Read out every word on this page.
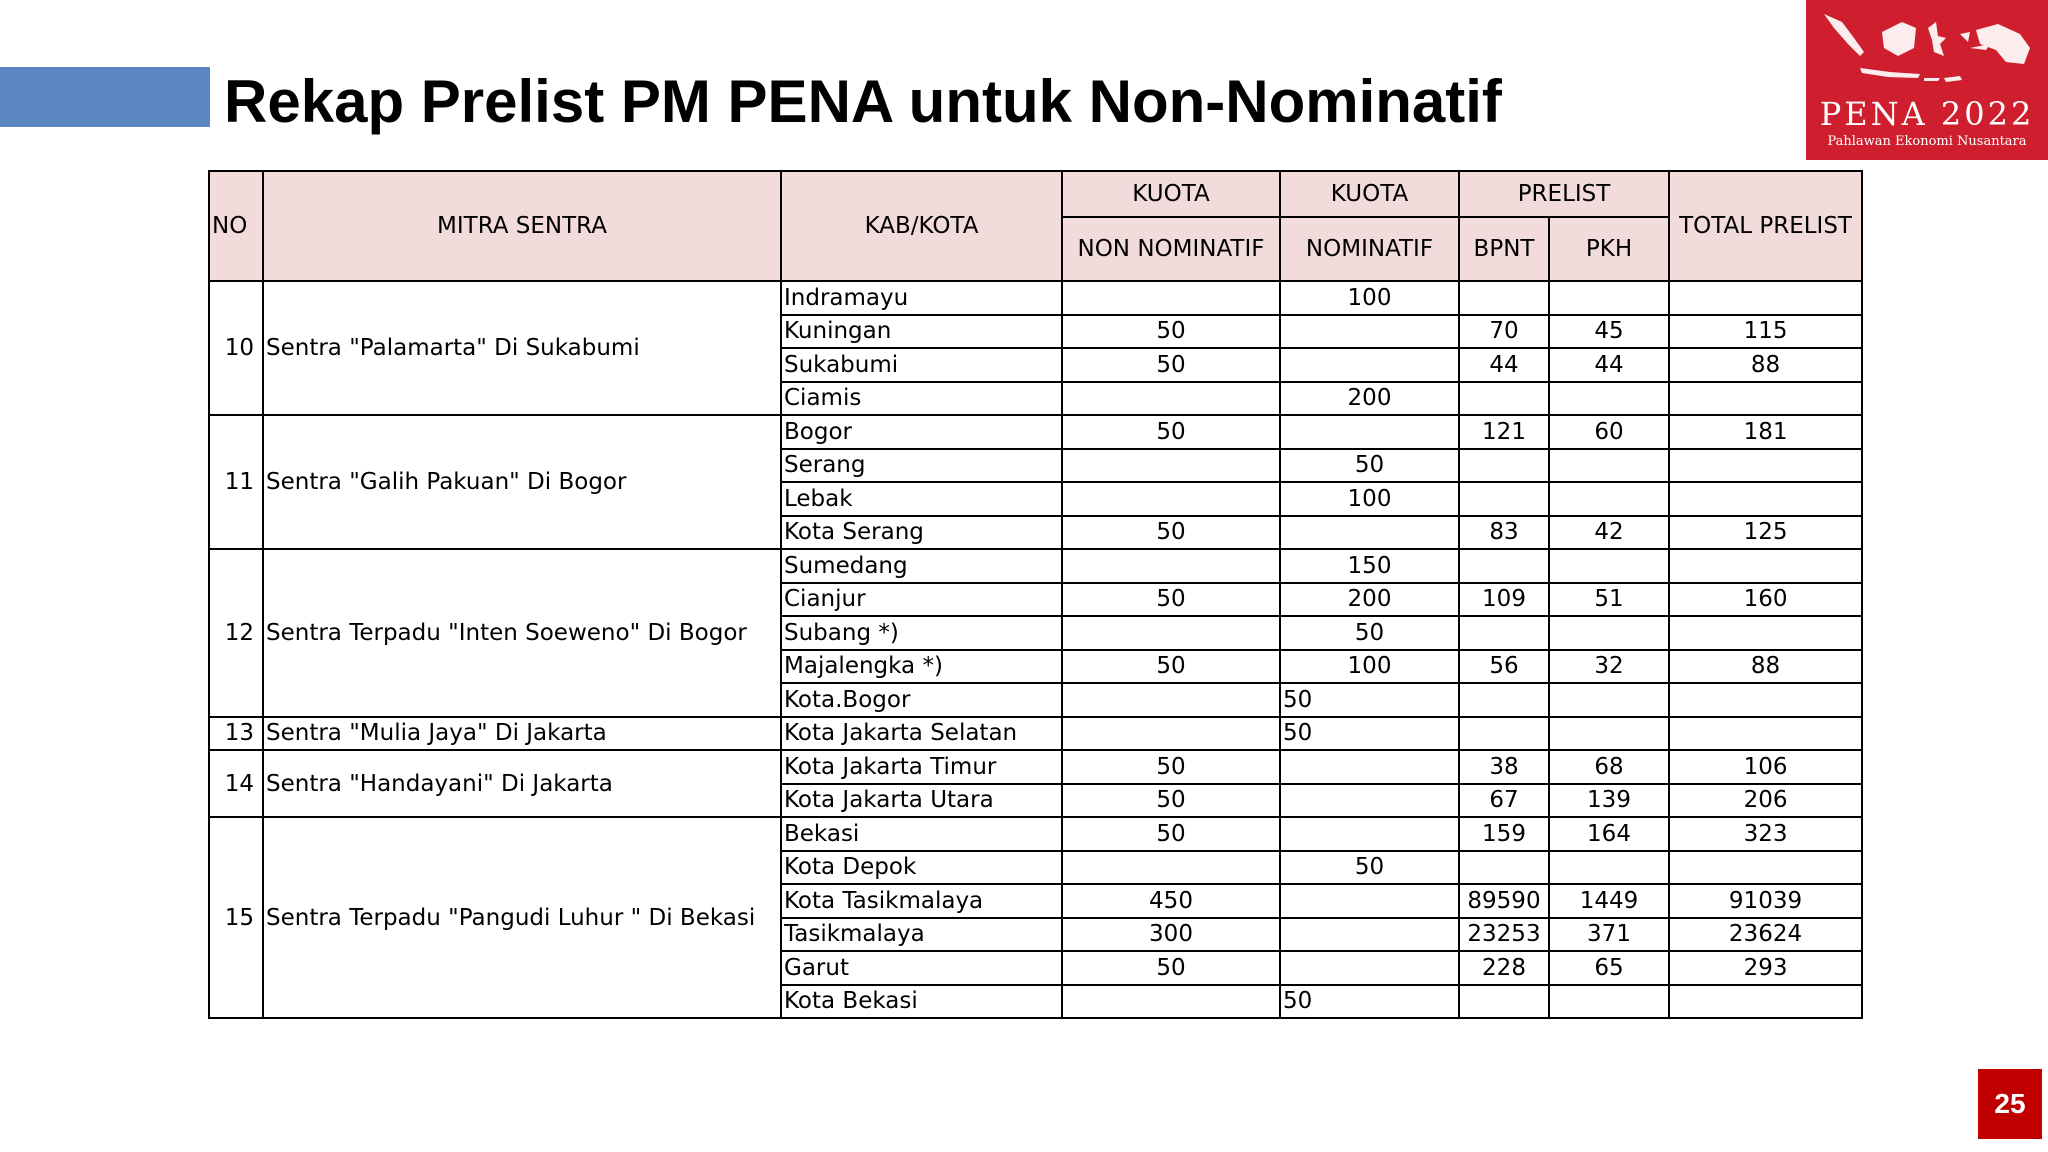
Rekap Prelist PM PENA untuk Non-Nominatif	PENA 2022
Pahlawan Ekonomi Nusantara
NO	MITRA SENTRA	KAB/KOTA	KUOTA	KUOTA	PRELIST		TOTAL PRELIST
			NON NOMINATIF	NOMINATIF	BPNT	PKH	
10	Sentra "Palamarta" Di Sukabumi	Indramayu		100			
		Kuningan	50		70	45	115
		Sukabumi	50		44	44	88
		Ciamis		200			
11	Sentra "Galih Pakuan" Di Bogor	Bogor	50		121	60	181
		Serang		50			
		Lebak		100			
		Kota Serang	50		83	42	125
12	Sentra Terpadu "Inten Soeweno" Di Bogor	Sumedang		150			
		Cianjur	50	200	109	51	160
		Subang *)		50			
		Majalengka *)	50	100	56	32	88
		Kota.Bogor		50			
13	Sentra "Mulia Jaya" Di Jakarta	Kota Jakarta Selatan		50			
14	Sentra "Handayani" Di Jakarta	Kota Jakarta Timur	50		38	68	106
		Kota Jakarta Utara	50		67	139	206
15	Sentra Terpadu "Pangudi Luhur " Di Bekasi	Bekasi	50		159	164	323
		Kota Depok		50			
		Kota Tasikmalaya	450		89590	1449	91039
		Tasikmalaya	300		23253	371	23624
		Garut	50		228	65	293
		Kota Bekasi		50			
25
